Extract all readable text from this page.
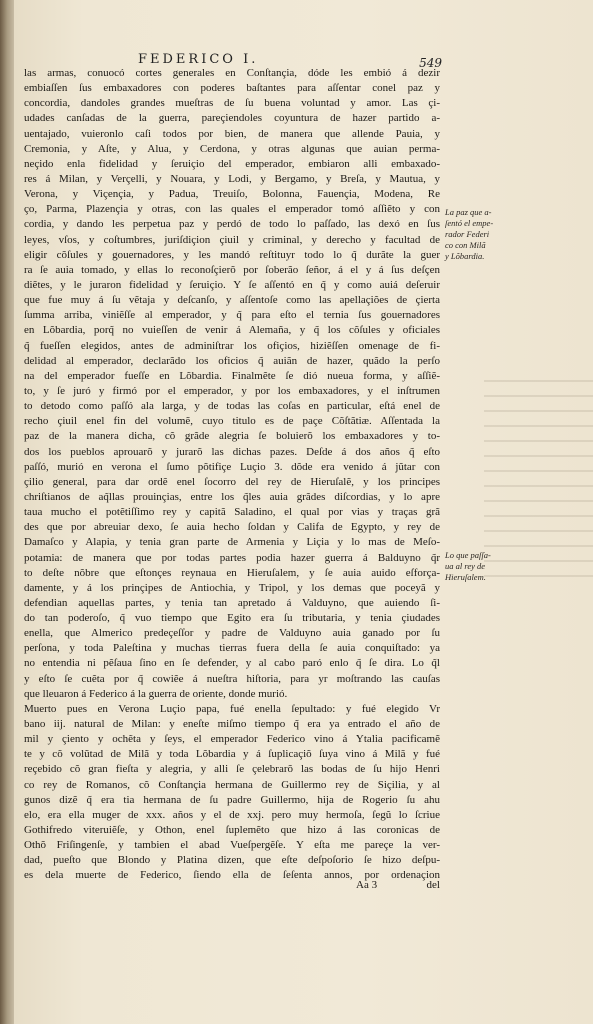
FEDERICO I.	549
las armas, conuocó cortes generales en Conſtançia, dóde les embió á dezir
embiaſſen ſus embaxadores con poderes baſtantes para aſſentar conel paz y
concordia, dandoles grandes mueſtras de ſu buena voluntad y amor. Las çi-
udades canſadas de la guerra, pareçiendoles coyuntura de hazer partido a-
uentajado, vuieronlo caſi todos por bien, de manera que allende Pauia, y
Cremonia, y Aſte, y Alua, y Cerdona, y otras algunas que auian perma-
neçido enla fidelidad y ſeruiçio del emperador, embiaron alli embaxado-
res á Milan, y Verçelli, y Nouara, y Lodi, y Bergamo, y Breſa, y Mautua, y
Verona, y Viçençia, y Padua, Treuiſo, Bolonna, Fauençia, Modena, Re
ço, Parma, Plazençia y otras, con las quales el emperador tomó aſſiẽto y con
cordia, y dando les perpetua paz y perdó de todo lo paſſado, las dexó en ſus
leyes, vſos, y coſtumbres, juriſdiçion çiuil y criminal, y derecho y facultad de
eligir cõſules y gouernadores, y les mandó reſtituyr todo lo q̃ durãte la guer
ra ſe auia tomado, y ellas lo reconoſçierõ por ſoberão ſeñor, á el y á ſus deſçen
diẽtes, y le juraron fidelidad y ſeruiçio. Y ſe aſſentó en q̃ y como auiá deſeruir
que fue muy á ſu vẽtaja y deſcanſo, y aſſentoſe como las apellaçiões de çierta
ſumma arriba, viniẽſſe al emperador, y q̃ para eſto el ternia ſus gouernadores
en Lõbardia, porq̃ no vuieſſen de venir á Alemaña, y q̃ los cõſules y oficiales
q̃ fueſſen elegidos, antes de adminiſtrar los ofiçios, hiziẽſſen omenage de fi-
delidad al emperador, declarãdo los oficios q̃ auiãn de hazer, quãdo la perſo
na del emperador fueſſe en Lõbardia. Finalmẽte ſe dió nueua forma, y aſſiẽ-
to, y ſe juró y firmó por el emperador, y por los embaxadores, y el inſtrumen
to detodo como paſſó ala larga, y de todas las coſas en particular, eſtá enel de
recho çiuil enel fin del volumẽ, cuyo titulo es de paçe Cõſtãtiæ. Aſſentada la
paz de la manera dicha, cõ grãde alegria ſe boluierõ los embaxadores y to-
dos los pueblos aprouarõ y jurarõ las dichas pazes. Deſde á dos años q̃ eſto
paſſó, murió en verona el ſumo põtifiçe Luçio 3. dõde era venido á jũtar con
çilio general, para dar ordẽ enel ſocorro del rey de Hieruſalẽ, y los principes
chriſtianos de aq̃llas prouinçias, entre los q̃les auia grãdes diſcordias, y lo apre
taua mucho el potẽtiſſimo rey y capitã Saladino, el qual por vias y traças grã
des que por abreuiar dexo, ſe auia hecho ſoldan y Califa de Egypto, y rey de
Damaſco y Alapia, y tenia gran parte de Armenia y Liçia y lo mas de Meſo-
potamia: de manera que por todas partes podia hazer guerra á Balduyno q̃r
to deſte nõbre que eſtonçes reynaua en Hieruſalem, y ſe auia auido eſforça-
damente, y á los prinçipes de Antiochia, y Tripol, y los demas que poceyã y
defendian aquellas partes, y tenia tan apretado á Valduyno, que auiendo ſi-
do tan poderoſo, q̃ vuo tiempo que Egito era ſu tributaria, y tenia çiudades
enella, que Almerico predeçeſſor y padre de Valduyno auia ganado por ſu
perſona, y toda Paleſtina y muchas tierras fuera della ſe auia conquiſtado: ya
no entendia ni pẽſaua ſino en ſe defender, y al cabo paró enlo q̃ ſe dira. Lo q̃l
y eſto ſe cuẽta por q̃ cowiẽe á nueſtra hiſtoria, para yr moſtrando las cauſas
que lleuaron á Federico á la guerra de oriente, donde murió.
Muerto pues en Verona Luçio papa, fué enella ſepultado: y fué elegido Vr
bano iij. natural de Milan: y eneſte miſmo tiempo q̃ era ya entrado el año de
mil y çiento y ochẽta y ſeys, el emperador Federico vino á Ytalia pacificamẽ
te y cõ volũtad de Milã y toda Lõbardia y á ſuplicaçiõ ſuya vino á Milã y fué
reçebido cõ gran fieſta y alegria, y alli ſe çelebrarõ las bodas de ſu hijo Henri
co rey de Romanos, cõ Conſtançia hermana de Guillermo rey de Siçilia, y al
gunos dizẽ q̃ era tia hermana de ſu padre Guillermo, hija de Rogerio ſu ahu
elo, era ella muger de xxx. años y el de xxj. pero muy hermoſa, ſegũ lo ſcriue
Gothifredo viteruiẽſe, y Othon, enel ſuplemẽto que hizo á las coronicas de
Othõ Friſingenſe, y tambien el abad Vueſpergẽſe. Y eſta me pareçe la ver-
dad, pueſto que Blondo y Platina dizen, que eſte deſpoſorio ſe hizo deſpu-
es dela muerte de Federico, ſiendo ella de ſeſenta annos, por ordenaçion
La paz que a-
ſentó el empe-
rador Federi
co con Milã
y Lõbardia.
Lo que paſſa-
ua al rey de
Hieruſalem.
Aa 3	del
